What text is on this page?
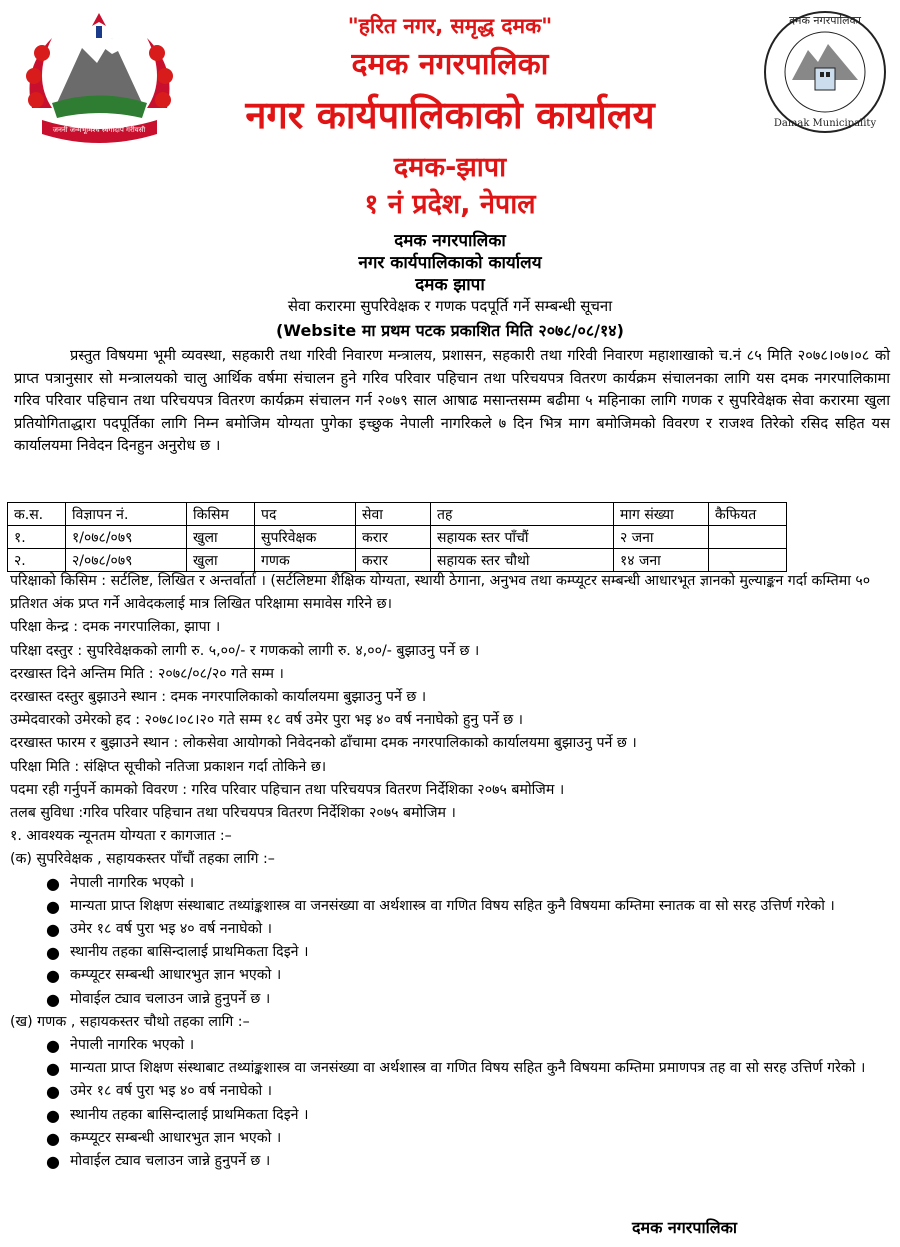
जननी जन्मभूमिश्च स्वर्गादपि गरीयसी
दमक नगरपालिका
Damak Municipality
"हरित नगर, समृद्ध दमक"
दमक नगरपालिका
नगर कार्यपालिकाको कार्यालय
दमक-झापा
१ नं प्रदेश, नेपाल
दमक नगरपालिका
नगर कार्यपालिकाको कार्यालय
दमक झापा
सेवा करारमा सुपरिवेक्षक र गणक पदपूर्ति गर्ने सम्बन्धी सूचना
(Website मा प्रथम पटक प्रकाशित मिति २०७८/०८/१४)
प्रस्तुत विषयमा भूमी व्यवस्था, सहकारी तथा गरिवी निवारण मन्त्रालय, प्रशासन, सहकारी तथा गरिवी निवारण महाशाखाको च.नं ८५ मिति २०७८।०७।०८ को प्राप्त पत्रानुसार सो मन्त्रालयको चालु आर्थिक वर्षमा संचालन हुने गरिव परिवार पहिचान तथा परिचयपत्र वितरण कार्यक्रम संचालनका लागि यस दमक नगरपालिकामा गरिव परिवार पहिचान तथा परिचयपत्र वितरण कार्यक्रम संचालन गर्न २०७९ साल आषाढ मसान्तसम्म बढीमा ५ महिनाका लागि गणक र सुपरिवेक्षक सेवा करारमा खुला प्रतियोगिताद्धारा पदपूर्तिका लागि निम्न बमोजिम योग्यता पुगेका इच्छुक नेपाली नागरिकले ७ दिन भित्र माग बमोजिमको विवरण र राजश्व तिरेको रसिद सहित यस कार्यालयमा निवेदन दिनहुन अनुरोध छ ।
क.स.	विज्ञापन नं.	किसिम	पद	सेवा	तह	माग संख्या	कैफियत
१.	१/०७८/०७९	खुला	सुपरिवेक्षक	करार	सहायक स्तर पाँचौं	२ जना	
२.	२/०७८/०७९	खुला	गणक	करार	सहायक स्तर चौथो	१४ जना	

परिक्षाको किसिम : सर्टलिष्ट, लिखित र अन्तर्वार्ता । (सर्टलिष्टमा शैक्षिक योग्यता, स्थायी ठेगाना, अनुभव तथा कम्प्यूटर सम्बन्धी आधारभूत ज्ञानको मुल्याङ्कन गर्दा कम्तिमा ५० प्रतिशत अंक प्रप्त गर्ने आवेदकलाई मात्र लिखित परिक्षामा समावेस गरिने छ।

परिक्षा केन्द्र : दमक नगरपालिका, झापा ।

परिक्षा दस्तुर : सुपरिवेक्षकको लागी रु. ५,००/- र गणकको लागी रु. ४,००/- बुझाउनु पर्ने छ ।

दरखास्त दिने अन्तिम मिति : २०७८/०८/२० गते सम्म ।

दरखास्त दस्तुर बुझाउने स्थान : दमक नगरपालिकाको कार्यालयमा बुझाउनु पर्ने छ ।

उम्मेदवारको उमेरको हद : २०७८।०८।२० गते सम्म १८ वर्ष उमेर पुरा भइ ४० वर्ष ननाघेको हुनु पर्ने छ ।

दरखास्त फारम र बुझाउने स्थान : लोकसेवा आयोगको निवेदनको ढाँचामा दमक नगरपालिकाको कार्यालयमा बुझाउनु पर्ने छ ।

परिक्षा मिति : संक्षिप्त सूचीको नतिजा प्रकाशन गर्दा तोकिने छ।

पदमा रही गर्नुपर्ने कामको विवरण : गरिव परिवार पहिचान तथा परिचयपत्र वितरण निर्देशिका २०७५ बमोजिम ।

तलब सुविधा :गरिव परिवार पहिचान तथा परिचयपत्र वितरण निर्देशिका २०७५ बमोजिम ।

१. आवश्यक न्यूनतम योग्यता र कागजात :–

(क) सुपरिवेक्षक , सहायकस्तर पाँचौं तहका लागि :–

● नेपाली नागरिक भएको ।
● मान्यता प्राप्त शिक्षण संस्थाबाट तथ्यांङ्कशास्त्र वा जनसंख्या वा अर्थशास्त्र वा गणित विषय सहित कुनै विषयमा कम्तिमा स्नातक वा सो सरह उत्तिर्ण गरेको ।
● उमेर १८ वर्ष पुरा भइ ४० वर्ष ननाघेको ।
● स्थानीय तहका बासिन्दालाई प्राथमिकता दिइने ।
● कम्प्यूटर सम्बन्धी आधारभुत ज्ञान भएको ।
● मोवाईल ट्याव चलाउन जान्ने हुनुपर्ने छ ।

(ख) गणक , सहायकस्तर चौथो तहका लागि :–

● नेपाली नागरिक भएको ।
● मान्यता प्राप्त शिक्षण संस्थाबाट तथ्यांङ्कशास्त्र वा जनसंख्या वा अर्थशास्त्र वा गणित विषय सहित कुनै विषयमा कम्तिमा प्रमाणपत्र तह वा सो सरह उत्तिर्ण गरेको ।
● उमेर १८ वर्ष पुरा भइ ४० वर्ष ननाघेको ।
● स्थानीय तहका बासिन्दालाई प्राथमिकता दिइने ।
● कम्प्यूटर सम्बन्धी आधारभुत ज्ञान भएको ।
● मोवाईल ट्याव चलाउन जान्ने हुनुपर्ने छ ।
दमक नगरपालिका
